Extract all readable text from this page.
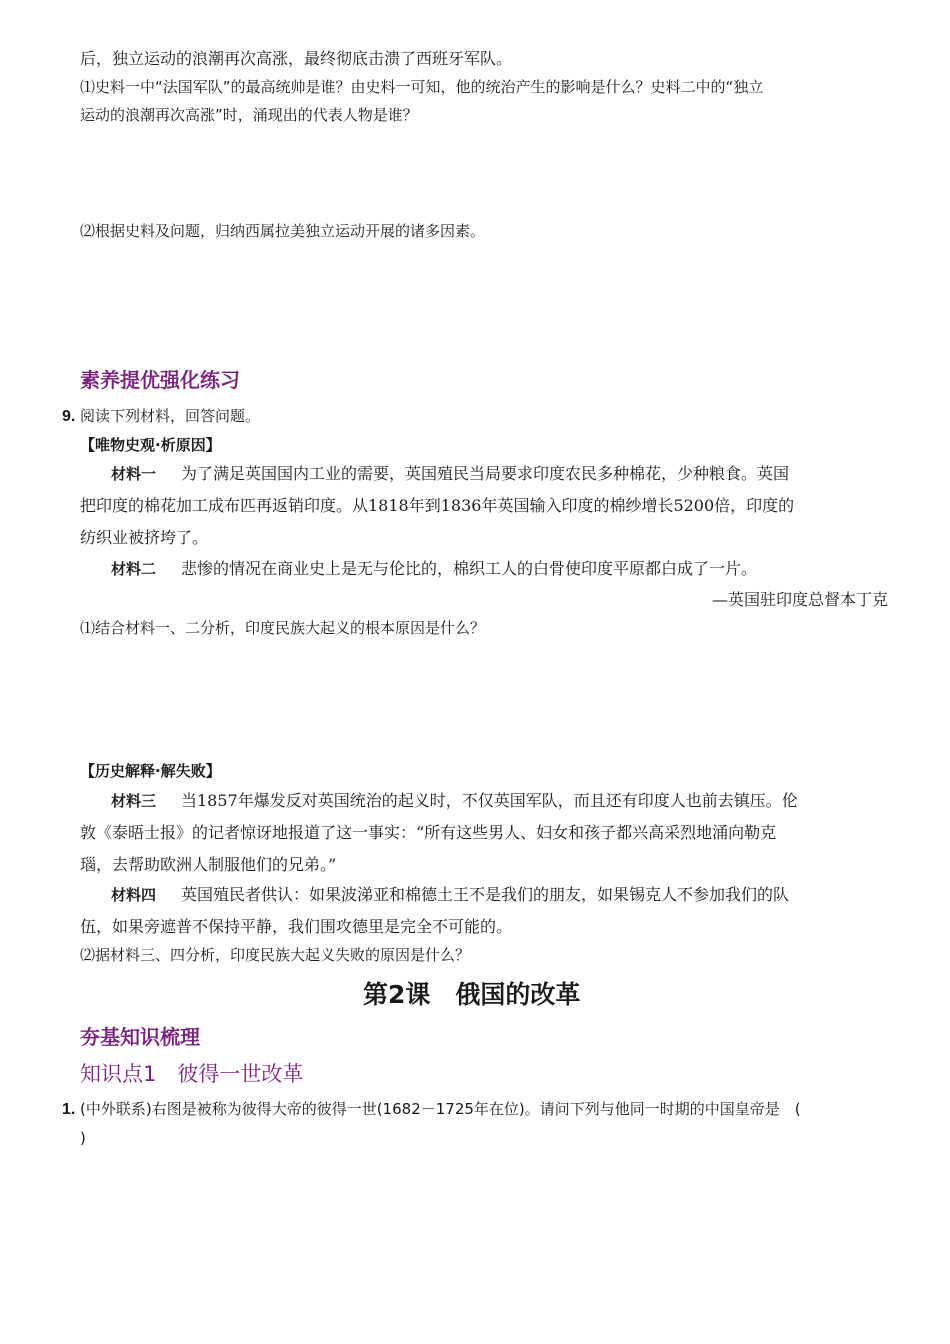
后，独立运动的浪潮再次高涨，最终彻底击溃了西班牙军队。
⑴史料一中“法国军队”的最高统帅是谁？由史料一可知，他的统治产生的影响是什么？史料二中的“独立
运动的浪潮再次高涨”时，涌现出的代表人物是谁？
⑵根据史料及问题，归纳西属拉美独立运动开展的诸多因素。
素养提优强化练习
9. 阅读下列材料，回答问题。
【唯物史观·析原因】
材料一 为了满足英国国内工业的需要，英国殖民当局要求印度农民多种棉花，少种粮食。英国
把印度的棉花加工成布匹再返销印度。从1818年到1836年英国输入印度的棉纱增长5200倍，印度的
纺织业被挤垮了。
材料二 悲惨的情况在商业史上是无与伦比的，棉织工人的白骨使印度平原都白成了一片。
—英国驻印度总督本丁克
⑴结合材料一、二分析，印度民族大起义的根本原因是什么？
【历史解释·解失败】
材料三 当1857年爆发反对英国统治的起义时，不仅英国军队，而且还有印度人也前去镇压。伦
敦《泰晤士报》的记者惊讶地报道了这一事实：“所有这些男人、妇女和孩子都兴高采烈地涌向勒克
瑙，去帮助欧洲人制服他们的兄弟。”
材料四 英国殖民者供认：如果波涕亚和棉德土王不是我们的朋友，如果锡克人不参加我们的队
伍，如果旁遮普不保持平静，我们围攻德里是完全不可能的。
⑵据材料三、四分析，印度民族大起义失败的原因是什么？
第2课　俄国的改革
夯基知识梳理
知识点1　彼得一世改革
1. (中外联系)右图是被称为彼得大帝的彼得一世(1682－1725年在位)。请问下列与他同一时期的中国皇帝是　(
)
